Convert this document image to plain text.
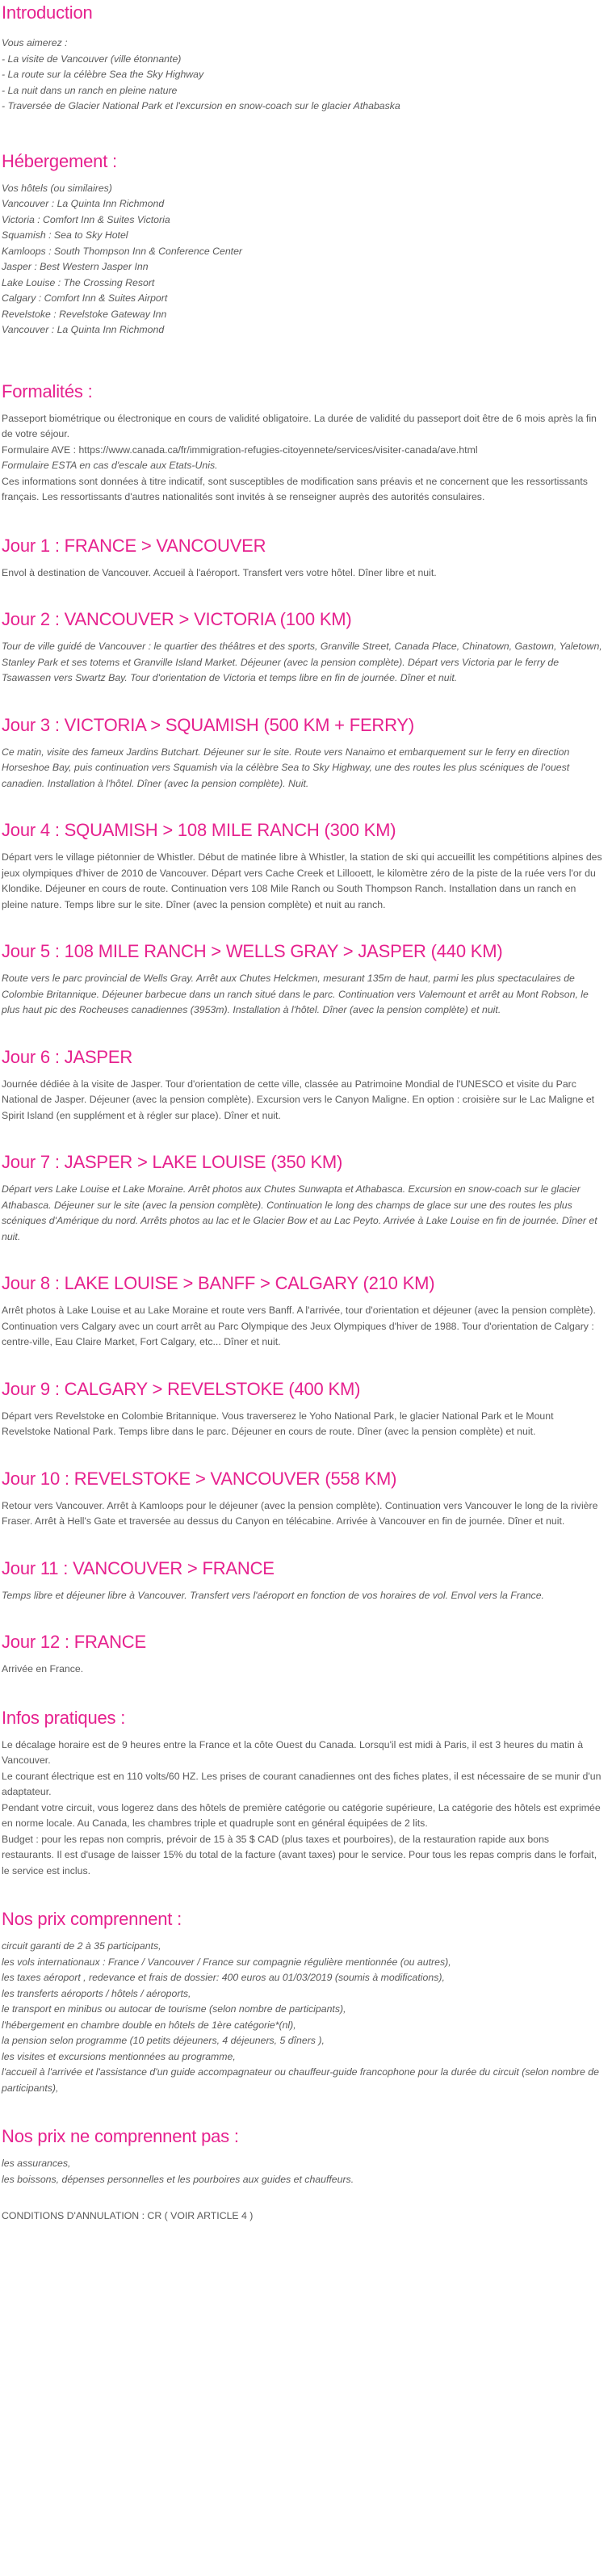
Introduction
Vous aimerez :
- La visite de Vancouver (ville étonnante)
- La route sur la célèbre Sea the Sky Highway
- La nuit dans un ranch en pleine nature
- Traversée de Glacier National Park et l'excursion en snow-coach sur le glacier Athabaska
Hébergement :
Vos hôtels (ou similaires)
Vancouver : La Quinta Inn Richmond
Victoria : Comfort Inn & Suites Victoria
Squamish : Sea to Sky Hotel
Kamloops : South Thompson Inn & Conference Center
Jasper : Best Western Jasper Inn
Lake Louise : The Crossing Resort
Calgary : Comfort Inn & Suites Airport
Revelstoke : Revelstoke Gateway Inn
Vancouver : La Quinta Inn Richmond
Formalités :
Passeport biométrique ou électronique en cours de validité obligatoire. La durée de validité du passeport doit être de 6 mois après la fin de votre séjour.
Formulaire AVE : https://www.canada.ca/fr/immigration-refugies-citoyennete/services/visiter-canada/ave.html
Formulaire ESTA en cas d'escale aux Etats-Unis.
Ces informations sont données à titre indicatif, sont susceptibles de modification sans préavis et ne concernent que les ressortissants français. Les ressortissants d'autres nationalités sont invités à se renseigner auprès des autorités consulaires.
Jour 1 : FRANCE > VANCOUVER
Envol à destination de Vancouver. Accueil à l'aéroport. Transfert vers votre hôtel. Dîner libre et nuit.
Jour 2 : VANCOUVER > VICTORIA (100 KM)
Tour de ville guidé de Vancouver : le quartier des théâtres et des sports, Granville Street, Canada Place, Chinatown, Gastown, Yaletown, Stanley Park et ses totems et Granville Island Market. Déjeuner (avec la pension complète). Départ vers Victoria par le ferry de Tsawassen vers Swartz Bay. Tour d'orientation de Victoria et temps libre en fin de journée. Dîner et nuit.
Jour 3 : VICTORIA > SQUAMISH (500 KM + FERRY)
Ce matin, visite des fameux Jardins Butchart. Déjeuner sur le site. Route vers Nanaimo et embarquement sur le ferry en direction Horseshoe Bay, puis continuation vers Squamish via la célèbre Sea to Sky Highway, une des routes les plus scéniques de l'ouest canadien. Installation à l'hôtel. Dîner (avec la pension complète). Nuit.
Jour 4 : SQUAMISH > 108 MILE RANCH (300 KM)
Départ vers le village piétonnier de Whistler. Début de matinée libre à Whistler, la station de ski qui accueillit les compétitions alpines des jeux olympiques d'hiver de 2010 de Vancouver. Départ vers Cache Creek et Lillooett, le kilomètre zéro de la piste de la ruée vers l'or du Klondike. Déjeuner en cours de route. Continuation vers 108 Mile Ranch ou South Thompson Ranch. Installation dans un ranch en pleine nature. Temps libre sur le site. Dîner (avec la pension complète) et nuit au ranch.
Jour 5 : 108 MILE RANCH > WELLS GRAY > JASPER (440 KM)
Route vers le parc provincial de Wells Gray. Arrêt aux Chutes Helckmen, mesurant 135m de haut, parmi les plus spectaculaires de Colombie Britannique. Déjeuner barbecue dans un ranch situé dans le parc. Continuation vers Valemount et arrêt au Mont Robson, le plus haut pic des Rocheuses canadiennes (3953m). Installation à l'hôtel. Dîner (avec la pension complète) et nuit.
Jour 6 : JASPER
Journée dédiée à la visite de Jasper. Tour d'orientation de cette ville, classée au Patrimoine Mondial de l'UNESCO et visite du Parc National de Jasper. Déjeuner (avec la pension complète). Excursion vers le Canyon Maligne. En option : croisière sur le Lac Maligne et Spirit Island (en supplément et à régler sur place). Dîner et nuit.
Jour 7 : JASPER > LAKE LOUISE (350 KM)
Départ vers Lake Louise et Lake Moraine. Arrêt photos aux Chutes Sunwapta et Athabasca. Excursion en snow-coach sur le glacier Athabasca. Déjeuner sur le site (avec la pension complète). Continuation le long des champs de glace sur une des routes les plus scéniques d'Amérique du nord. Arrêts photos au lac et le Glacier Bow et au Lac Peyto. Arrivée à Lake Louise en fin de journée. Dîner et nuit.
Jour 8 : LAKE LOUISE > BANFF > CALGARY (210 KM)
Arrêt photos à Lake Louise et au Lake Moraine et route vers Banff. A l'arrivée, tour d'orientation et déjeuner (avec la pension complète). Continuation vers Calgary avec un court arrêt au Parc Olympique des Jeux Olympiques d'hiver de 1988. Tour d'orientation de Calgary : centre-ville, Eau Claire Market, Fort Calgary, etc... Dîner et nuit.
Jour 9 : CALGARY > REVELSTOKE (400 KM)
Départ vers Revelstoke en Colombie Britannique. Vous traverserez le Yoho National Park, le glacier National Park et le Mount Revelstoke National Park. Temps libre dans le parc. Déjeuner en cours de route. Dîner (avec la pension complète) et nuit.
Jour 10 : REVELSTOKE > VANCOUVER (558 KM)
Retour vers Vancouver. Arrêt à Kamloops pour le déjeuner (avec la pension complète). Continuation vers Vancouver le long de la rivière Fraser. Arrêt à Hell's Gate et traversée au dessus du Canyon en télécabine. Arrivée à Vancouver en fin de journée. Dîner et nuit.
Jour 11 : VANCOUVER > FRANCE
Temps libre et déjeuner libre à Vancouver. Transfert vers l'aéroport en fonction de vos horaires de vol. Envol vers la France.
Jour 12 : FRANCE
Arrivée en France.
Infos pratiques :
Le décalage horaire est de 9 heures entre la France et la côte Ouest du Canada. Lorsqu'il est midi à Paris, il est 3 heures du matin à Vancouver.
Le courant électrique est en 110 volts/60 HZ. Les prises de courant canadiennes ont des fiches plates, il est nécessaire de se munir d'un adaptateur.
Pendant votre circuit, vous logerez dans des hôtels de première catégorie ou catégorie supérieure, La catégorie des hôtels est exprimée en norme locale. Au Canada, les chambres triple et quadruple sont en général équipées de 2 lits.
Budget : pour les repas non compris, prévoir de 15 à 35 $ CAD (plus taxes et pourboires), de la restauration rapide aux bons restaurants. Il est d'usage de laisser 15% du total de la facture (avant taxes) pour le service. Pour tous les repas compris dans le forfait, le service est inclus.
Nos prix comprennent :
circuit garanti de 2 à 35 participants,
les vols internationaux : France / Vancouver / France sur compagnie régulière mentionnée (ou autres),
les taxes aéroport , redevance et frais de dossier: 400 euros au 01/03/2019 (soumis à modifications),
les transferts aéroports / hôtels / aéroports,
le transport en minibus ou autocar de tourisme (selon nombre de participants),
l'hébergement en chambre double en hôtels de 1ère catégorie*(nl),
la pension selon programme (10 petits déjeuners, 4 déjeuners, 5 dîners ),
les visites et excursions mentionnées au programme,
l'accueil à l'arrivée et l'assistance d'un guide accompagnateur ou chauffeur-guide francophone pour la durée du circuit (selon nombre de participants),
Nos prix ne comprennent pas :
les assurances,
les boissons, dépenses personnelles et les pourboires aux guides et chauffeurs.
CONDITIONS D'ANNULATION : CR ( VOIR ARTICLE 4 )
